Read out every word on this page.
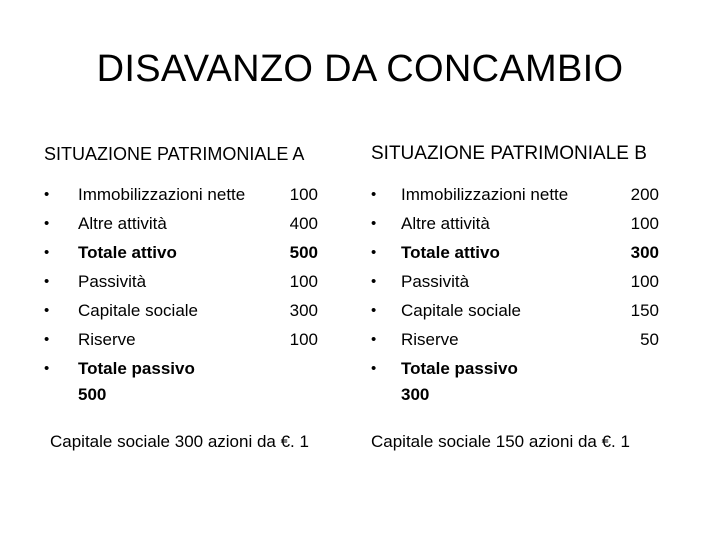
DISAVANZO DA CONCAMBIO
SITUAZIONE PATRIMONIALE A
• Immobilizzazioni nette	100
• Altre attività	400
• Totale attivo	500
• Passività	100
• Capitale sociale	300
• Riserve	100
• Totale passivo 500
Capitale sociale 300 azioni da €. 1
SITUAZIONE PATRIMONIALE B
• Immobilizzazioni nette	200
• Altre attività	100
• Totale attivo	300
• Passività	100
• Capitale sociale	150
• Riserve	50
• Totale passivo 300
Capitale sociale 150 azioni da €. 1
